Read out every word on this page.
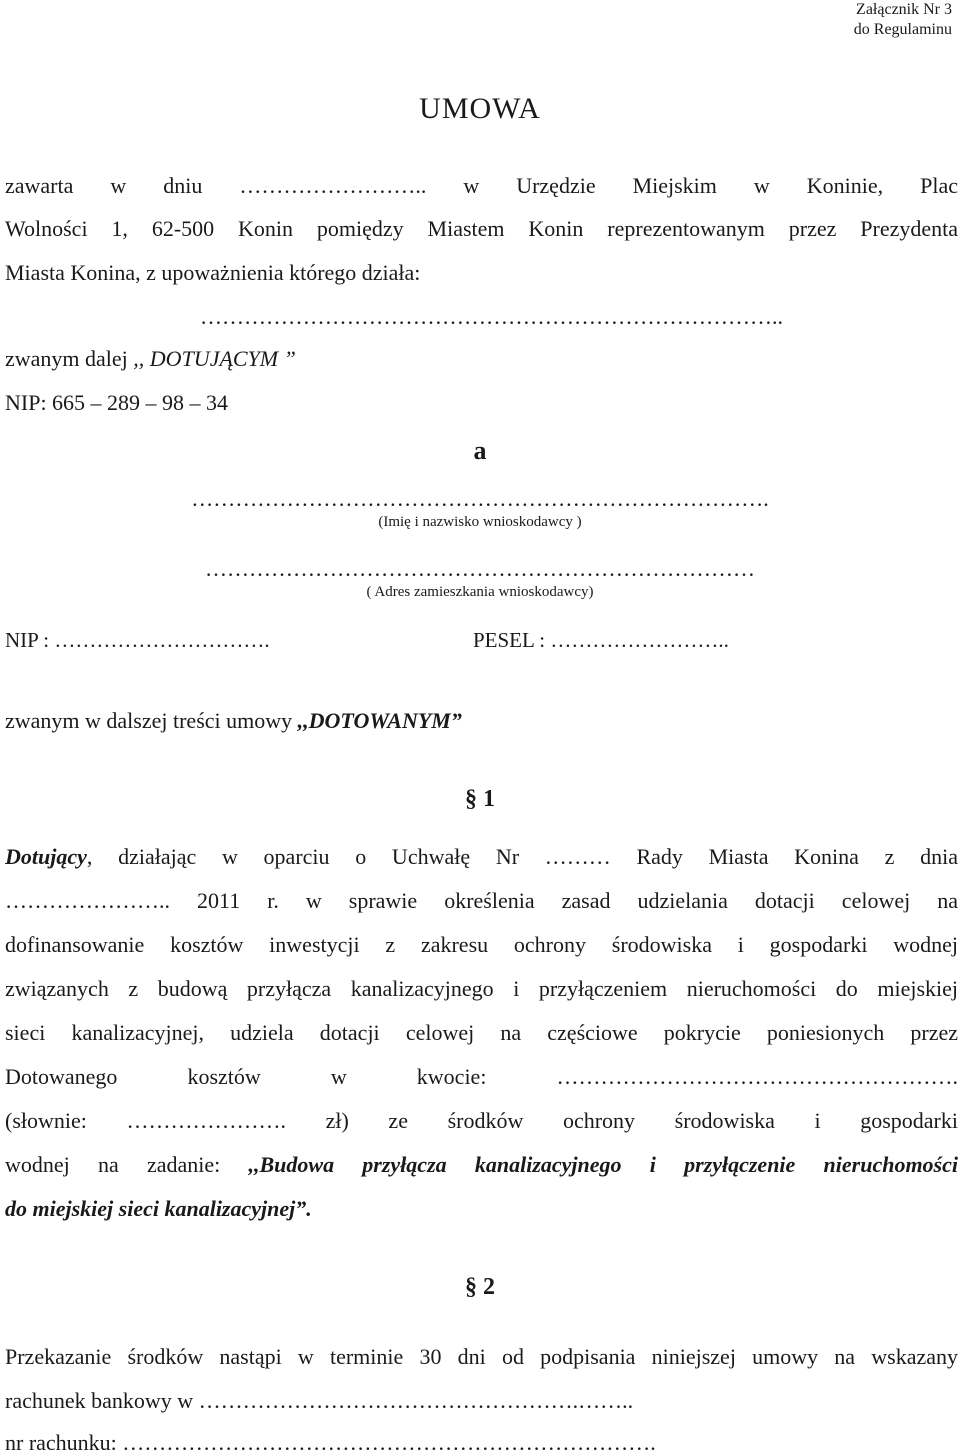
Załącznik Nr 3
do Regulaminu
UMOWA
zawarta w dniu …………………….. w Urzędzie Miejskim w Koninie, Plac
Wolności 1, 62-500 Konin pomiędzy Miastem Konin reprezentowanym przez Prezydenta
Miasta Konina, z upoważnienia którego działa:
……………………………………………………………………..
zwanym dalej ,, DOTUJĄCYM ”
NIP: 665 – 289 – 98 – 34
a
…………………………………………………………………….
(Imię i nazwisko wnioskodawcy )
…………………………………………………………………
( Adres zamieszkania wnioskodawcy)
NIP : ………………………….	PESEL : ……………………..
zwanym w dalszej treści umowy ,,DOTOWANYM”
§ 1
Dotujący, działając w oparciu o Uchwałę Nr ……… Rady Miasta Konina z dnia
………………….. 2011 r. w sprawie określenia zasad udzielania dotacji celowej na
dofinansowanie kosztów inwestycji z zakresu ochrony środowiska i gospodarki wodnej
związanych z budową przyłącza kanalizacyjnego i przyłączeniem nieruchomości do miejskiej
sieci kanalizacyjnej, udziela dotacji celowej na częściowe pokrycie poniesionych przez
Dotowanego kosztów w kwocie: ……………………………………………….
(słownie: …………………. zł) ze środków ochrony środowiska i gospodarki
wodnej na zadanie: ,,Budowa przyłącza kanalizacyjnego i przyłączenie nieruchomości
do miejskiej sieci kanalizacyjnej”.
§ 2
Przekazanie środków nastąpi w terminie 30 dni od podpisania niniejszej umowy na wskazany
rachunek bankowy w …………………………………………….……..
nr rachunku: ……………………………………………………………….
